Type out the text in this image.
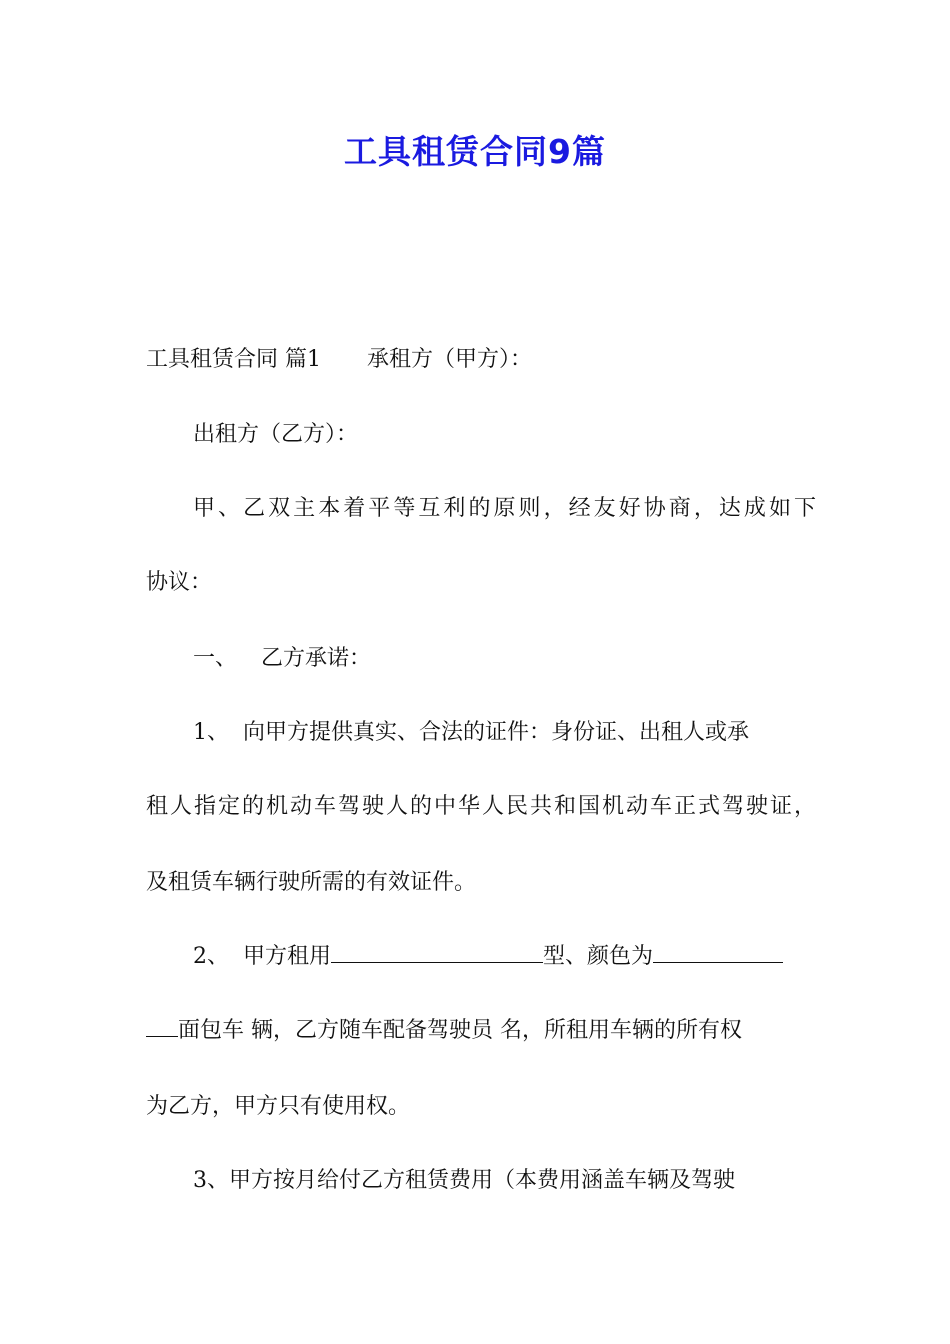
工具租赁合同9篇
工具租赁合同 篇1 承租方（甲方）：
出租方（乙方）：
甲、乙双主本着平等互利的原则，经友好协商，达成如下
协议：
一、 乙方承诺：
1、 向甲方提供真实、合法的证件：身份证、出租人或承
租人指定的机动车驾驶人的中华人民共和国机动车正式驾驶证，
及租赁车辆行驶所需的有效证件。
2、 甲方租用	型、颜色为
面包车 辆，乙方随车配备驾驶员 名，所租用车辆的所有权
为乙方，甲方只有使用权。
3、甲方按月给付乙方租赁费用（本费用涵盖车辆及驾驶
